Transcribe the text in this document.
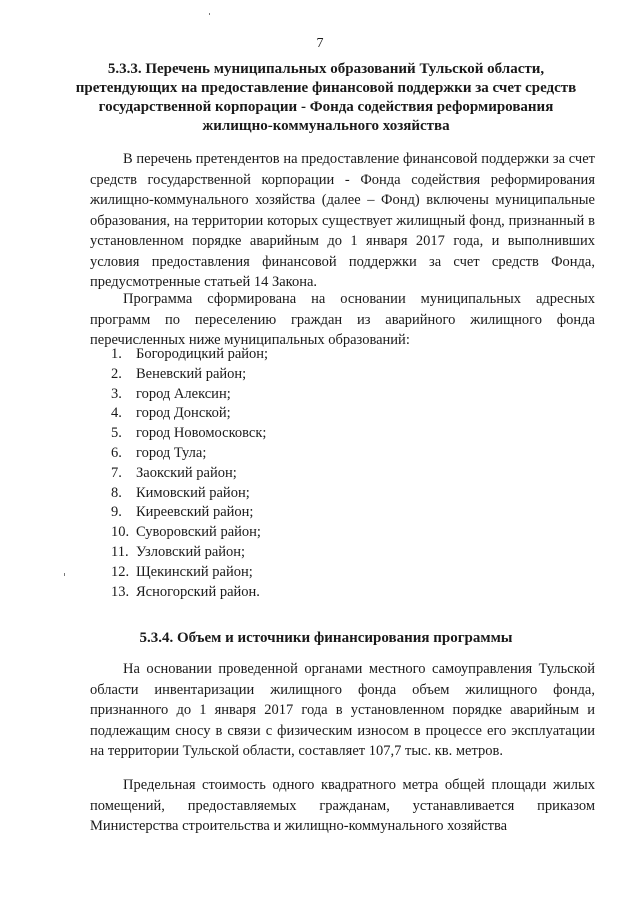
7
5.3.3. Перечень муниципальных образований Тульской области, претендующих на предоставление финансовой поддержки за счет средств государственной корпорации - Фонда содействия реформирования жилищно-коммунального хозяйства
В перечень претендентов на предоставление финансовой поддержки за счет средств государственной корпорации - Фонда содействия реформирования жилищно-коммунального хозяйства (далее – Фонд) включены муниципальные образования, на территории которых существует жилищный фонд, признанный в установленном порядке аварийным до 1 января 2017 года, и выполнивших условия предоставления финансовой поддержки за счет средств Фонда, предусмотренные статьей 14 Закона.
Программа сформирована на основании муниципальных адресных программ по переселению граждан из аварийного жилищного фонда перечисленных ниже муниципальных образований:
1. Богородицкий район;
2. Веневский район;
3. город Алексин;
4. город Донской;
5. город Новомосковск;
6. город Тула;
7. Заокский район;
8. Кимовский район;
9. Киреевский район;
10. Суворовский район;
11. Узловский район;
12. Щекинский район;
13. Ясногорский район.
5.3.4. Объем и источники финансирования программы
На основании проведенной органами местного самоуправления Тульской области инвентаризации жилищного фонда объем жилищного фонда, признанного до 1 января 2017 года в установленном порядке аварийным и подлежащим сносу в связи с физическим износом в процессе его эксплуатации на территории Тульской области, составляет 107,7 тыс. кв. метров.
Предельная стоимость одного квадратного метра общей площади жилых помещений, предоставляемых гражданам, устанавливается приказом Министерства строительства и жилищно-коммунального хозяйства
